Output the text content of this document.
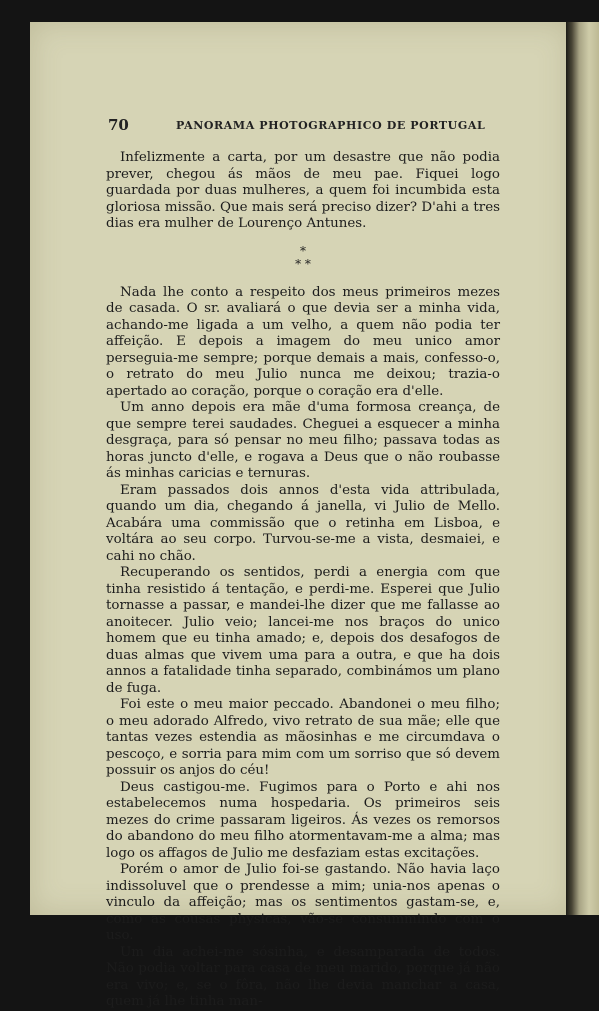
70	PANORAMA PHOTOGRAPHICO DE PORTUGAL

Infelizmente a carta, por um desastre que não podia prever, chegou ás mãos de meu pae. Fiquei logo guardada por duas mulheres, a quem foi incumbida esta gloriosa missão. Que mais será preciso dizer? D'ahi a tres dias era mulher de Lourenço Antunes.

*
* *

Nada lhe conto a respeito dos meus primeiros mezes de casada. O sr. avaliará o que devia ser a minha vida, achando-me ligada a um velho, a quem não podia ter affeição. E depois a imagem do meu unico amor perseguia-me sempre; porque demais a mais, confesso-o, o retrato do meu Julio nunca me deixou; trazia-o apertado ao coração, porque o coração era d'elle.

Um anno depois era mãe d'uma formosa creança, de que sempre terei saudades. Cheguei a esquecer a minha desgraça, para só pensar no meu filho; passava todas as horas juncto d'elle, e rogava a Deus que o não roubasse ás minhas caricias e ternuras.

Eram passados dois annos d'esta vida attribulada, quando um dia, chegando á janella, vi Julio de Mello. Acabára uma commissão que o retinha em Lisboa, e voltára ao seu corpo. Turvou-se-me a vista, desmaiei, e cahi no chão.

Recuperando os sentidos, perdi a energia com que tinha resistido á tentação, e perdi-me. Esperei que Julio tornasse a passar, e mandei-lhe dizer que me fallasse ao anoitecer. Julio veio; lancei-me nos braços do unico homem que eu tinha amado; e, depois dos desafogos de duas almas que vivem uma para a outra, e que ha dois annos a fatalidade tinha separado, combinámos um plano de fuga.

Foi este o meu maior peccado. Abandonei o meu filho; o meu adorado Alfredo, vivo retrato de sua mãe; elle que tantas vezes estendia as mãosinhas e me circumdava o pescoço, e sorria para mim com um sorriso que só devem possuir os anjos do céu!

Deus castigou-me. Fugimos para o Porto e ahi nos estabelecemos numa hospedaria. Os primeiros seis mezes do crime passaram ligeiros. Ás vezes os remorsos do abandono do meu filho atormentavam-me a alma; mas logo os affagos de Julio me desfaziam estas excitações.

Porém o amor de Julio foi-se gastando. Não havia laço indissoluvel que o prendesse a mim; unia-nos apenas o vinculo da affeição; mas os sentimentos gastam-se, e, como as cousas physicas, vão-se consummindo com o uso.

Um dia achei-me sósinha, e desamparada de todos. Não podia voltar para casa de meu marido, porque já não era vivo; e, se o fôra, não lhe devia manchar a casa, quem já lhe tinha man-
